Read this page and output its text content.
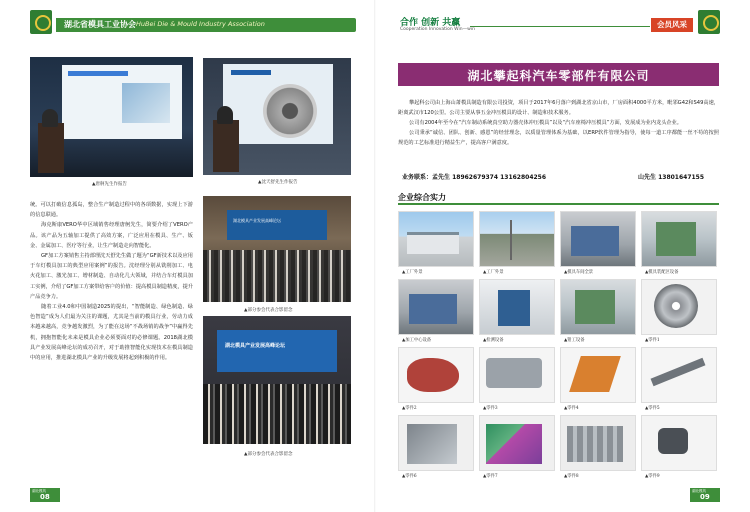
湖北省模具工业协会 HuBei Die & Mould Industry Association	合作 创新 共赢
Cooperation Innovation Win—win
会员风采
▲唐舸先生作报告	▲沈天舒先生作报告
湖北模具产业发展高峰论坛
▲部分参会代表合影留念
湖北模具产业发展高峰论坛
▲部分参会代表合影留念

统。可以打破信息孤岛，整合生产制造过程中的各项数据，实现上下游的信息联通。

海克斯康VERO华中区域销售经理唐舸先生，简要介绍了VERO产品。该产品为五轴加工提供了高效方案，广泛应用在模具、生产、钣金、金属加工、医疗等行业，让生产制造走向智能化。

GF加工方案销售主持部理沈天舒先生做了题为“GF新技术以及应用于车灯模具加工的典型应用案例”的报告。沈经理分别从铣削加工、电火花加工、激光加工、增材制造、自动化几大领域，并结合车灯模具加工实例，介绍了GF加工方案带给客户的价值：提高模具制造精度，提升产品竞争力。

随着工业4.0和中国制造2025的提出，“智能制造、绿色制造、绿色智造”成为人们最为关注的课题，尤其是当前的模具行业，劳动力成本越来越高，竞争越发激烈，为了能在这场“不战场销的战争”中赢得先机，拥抱智能化未来是模具企业必须要面对的必修课题。2018湖北模具产业发展高峰论坛的成功召开，对于助推智能化实现技术在模具制造中的应用，推进湖北模具产业的升级发展将起到积极的作用。

湖北攀起科汽车零部件有限公司

攀起科公司由上海山萧模具制造有限公司投资，项目于2017年6月落户到湖北省京山市，厂房面积4000平方米，毗邻G42和S49高速，距离武汉市120公里。公司主要从事五金冲压模具的设计、制造和技术服务。

公司有2004年至今在“汽车制动系统真空助力器壳体冲压模具”以及“汽车座椅冲压模具”方面，发展成为业内龙头企业。

公司秉承“诚信、团队、创新、感恩”的经营理念，以质量管理体系为基础，以ERP软件管理为指导，使每一道工序都能一丝不苟的按照规范的工艺标准进行精益生产，提高客户满意度。

业务联系：孟先生 18962679374 13162804256	山先生 13801647155
企业综合实力
▲工厂外景	▲工厂外景	▲模具车间全景	▲模具装配区设备
▲加工中心设备	▲检测设备	▲钳工设备	▲零件1
▲零件2	▲零件3	▲零件4	▲零件5
▲零件6	▲零件7	▲零件8	▲零件9
湖北模具
08
湖北模具
09
